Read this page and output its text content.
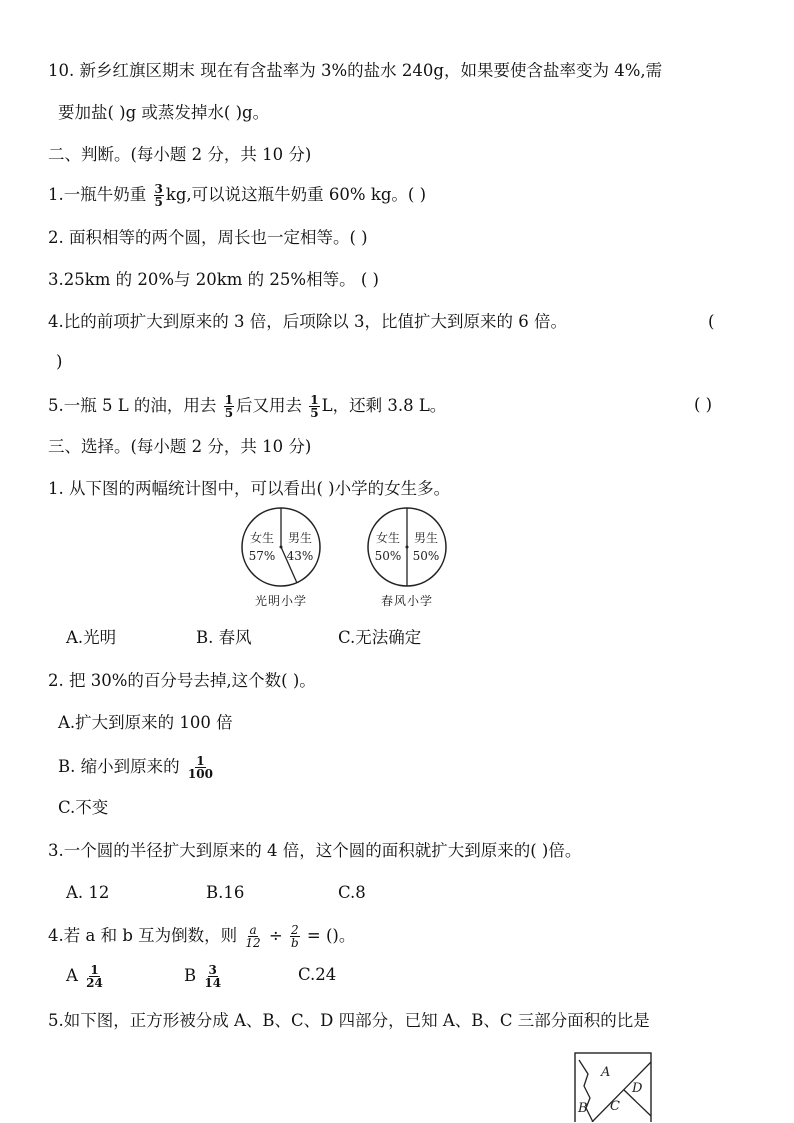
10. 新乡红旗区期末 现在有含盐率为 3%的盐水 240g，如果要使含盐率变为 4%,需
要加盐( )g 或蒸发掉水( )g。
二、判断。(每小题 2 分，共 10 分)
1.一瓶牛奶重 $\frac{3}{5}$ kg,可以说这瓶牛奶重 60% kg。( )
2. 面积相等的两个圆，周长也一定相等。( )
3.25km 的 20%与 20km 的 25%相等。 ( )
4.比的前项扩大到原来的 3 倍，后项除以 3，比值扩大到原来的 6 倍。	(
)
5.一瓶 5 L 的油，用去 $\frac{1}{5}$ 后又用去 $\frac{1}{5}$ L，还剩 3.8 L。	( )
三、选择。(每小题 2 分，共 10 分)
1. 从下图的两幅统计图中，可以看出( )小学的女生多。
女生
57%
男生
43%
光明小学
女生
50%
男生
50%
春风小学
A.光明	B. 春风	C.无法确定
2. 把 30%的百分号去掉,这个数( )。
A.扩大到原来的 100 倍
B. 缩小到原来的 $\frac{1}{100}$
C.不变
3.一个圆的半径扩大到原来的 4 倍，这个圆的面积就扩大到原来的( )倍。
A. 12	B.16	C.8
4.若 a 和 b 互为倒数，则 $\frac{a}{12} \div \frac{2}{b}$ = ()。
A $\frac{1}{24}$	B $\frac{3}{14}$	C.24
5.如下图，正方形被分成 A、B、C、D 四部分，已知 A、B、C 三部分面积的比是
A
B C
D
